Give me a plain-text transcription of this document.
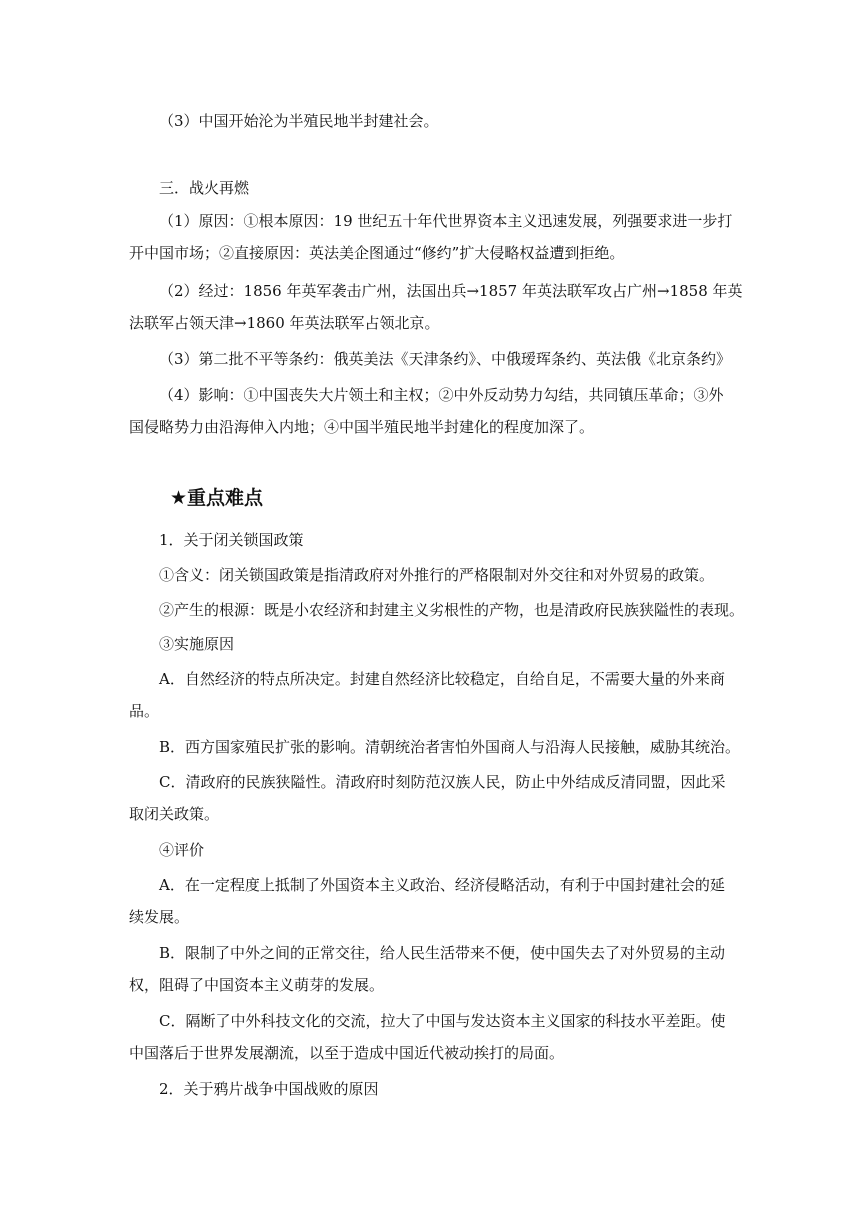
（3）中国开始沦为半殖民地半封建社会。
三．战火再燃
（1）原因：①根本原因：19 世纪五十年代世界资本主义迅速发展，列强要求进一步打
开中国市场；②直接原因：英法美企图通过“修约”扩大侵略权益遭到拒绝。
（2）经过：1856 年英军袭击广州，法国出兵→1857 年英法联军攻占广州→1858 年英
法联军占领天津→1860 年英法联军占领北京。
（3）第二批不平等条约：俄英美法《天津条约》、中俄瑷珲条约、英法俄《北京条约》
（4）影响：①中国丧失大片领土和主权；②中外反动势力勾结，共同镇压革命；③外
国侵略势力由沿海伸入内地；④中国半殖民地半封建化的程度加深了。
★重点难点
1．关于闭关锁国政策
①含义：闭关锁国政策是指清政府对外推行的严格限制对外交往和对外贸易的政策。
②产生的根源：既是小农经济和封建主义劣根性的产物，也是清政府民族狭隘性的表现。
③实施原因
A．自然经济的特点所决定。封建自然经济比较稳定，自给自足，不需要大量的外来商
品。
B．西方国家殖民扩张的影响。清朝统治者害怕外国商人与沿海人民接触，威胁其统治。
C．清政府的民族狭隘性。清政府时刻防范汉族人民，防止中外结成反清同盟，因此采
取闭关政策。
④评价
A．在一定程度上抵制了外国资本主义政治、经济侵略活动，有利于中国封建社会的延
续发展。
B．限制了中外之间的正常交往，给人民生活带来不便，使中国失去了对外贸易的主动
权，阻碍了中国资本主义萌芽的发展。
C．隔断了中外科技文化的交流，拉大了中国与发达资本主义国家的科技水平差距。使
中国落后于世界发展潮流，以至于造成中国近代被动挨打的局面。
2．关于鸦片战争中国战败的原因
